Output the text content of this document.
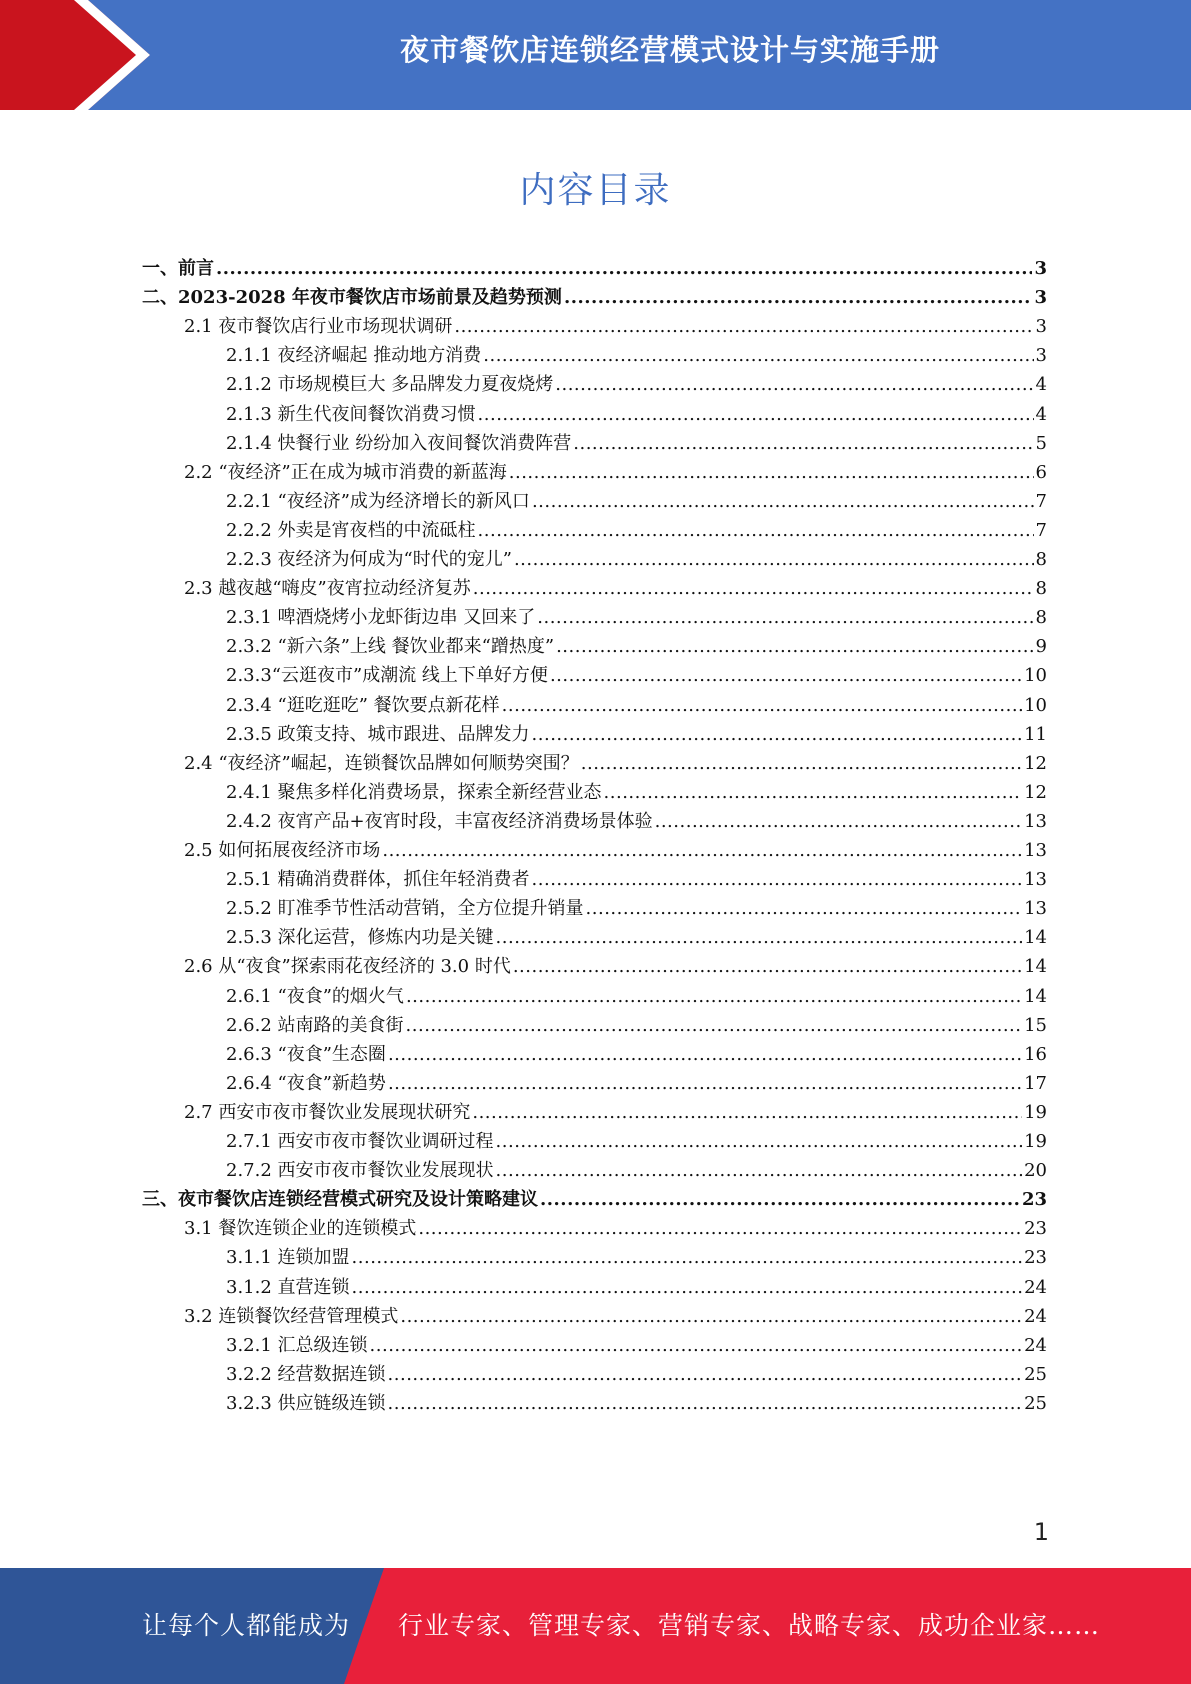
夜市餐饮店连锁经营模式设计与实施手册
内容目录
一、前言 .....	3
二、2023-2028 年夜市餐饮店市场前景及趋势预测 .....	3
2.1 夜市餐饮店行业市场现状调研 .....	3
2.1.1 夜经济崛起 推动地方消费 .....	3
2.1.2 市场规模巨大 多品牌发力夏夜烧烤 .....	4
2.1.3 新生代夜间餐饮消费习惯 .....	4
2.1.4 快餐行业 纷纷加入夜间餐饮消费阵营 .....	5
2.2 “夜经济”正在成为城市消费的新蓝海 .....	6
2.2.1 “夜经济”成为经济增长的新风口 .....	7
2.2.2 外卖是宵夜档的中流砥柱 .....	7
2.2.3 夜经济为何成为“时代的宠儿” .....	8
2.3 越夜越“嗨皮”夜宵拉动经济复苏 .....	8
2.3.1 啤酒烧烤小龙虾街边串 又回来了 .....	8
2.3.2 “新六条”上线 餐饮业都来“蹭热度” .....	9
2.3.3“云逛夜市”成潮流 线上下单好方便 .....	10
2.3.4 “逛吃逛吃” 餐饮要点新花样 .....	10
2.3.5 政策支持、城市跟进、品牌发力 .....	11
2.4 “夜经济”崛起，连锁餐饮品牌如何顺势突围？ .....	12
2.4.1 聚焦多样化消费场景，探索全新经营业态 .....	12
2.4.2 夜宵产品+夜宵时段，丰富夜经济消费场景体验 .....	13
2.5 如何拓展夜经济市场 .....	13
2.5.1 精确消费群体，抓住年轻消费者 .....	13
2.5.2 盯准季节性活动营销，全方位提升销量 .....	13
2.5.3 深化运营，修炼内功是关键 .....	14
2.6 从“夜食”探索雨花夜经济的 3.0 时代 .....	14
2.6.1 “夜食”的烟火气 .....	14
2.6.2 站南路的美食街 .....	15
2.6.3 “夜食”生态圈 .....	16
2.6.4 “夜食”新趋势 .....	17
2.7 西安市夜市餐饮业发展现状研究 .....	19
2.7.1 西安市夜市餐饮业调研过程 .....	19
2.7.2 西安市夜市餐饮业发展现状 .....	20
三、夜市餐饮店连锁经营模式研究及设计策略建议 .....	23
3.1 餐饮连锁企业的连锁模式 .....	23
3.1.1 连锁加盟 .....	23
3.1.2 直营连锁 .....	24
3.2 连锁餐饮经营管理模式 .....	24
3.2.1 汇总级连锁 .....	24
3.2.2 经营数据连锁 .....	25
3.2.3 供应链级连锁 .....	25
1
让每个人都能成为 行业专家、管理专家、营销专家、战略专家、成功企业家……
